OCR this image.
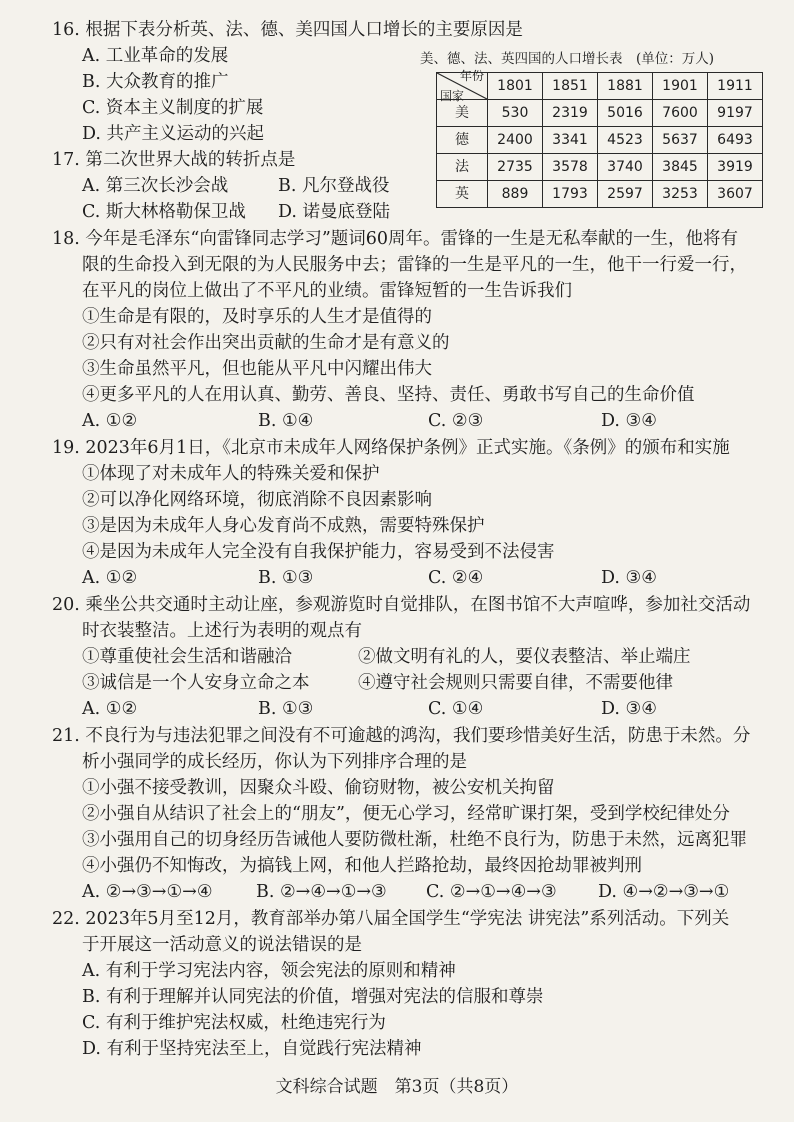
16. 根据下表分析英、法、德、美四国人口增长的主要原因是
A. 工业革命的发展
B. 大众教育的推广
C. 资本主义制度的扩展
D. 共产主义运动的兴起
美、德、法、英四国的人口增长表　(单位：万人)
年份
国家	1801	1851	1881	1901	1911
美	530	2319	5016	7600	9197
德	2400	3341	4523	5637	6493
法	2735	3578	3740	3845	3919
英	889	1793	2597	3253	3607
17. 第二次世界大战的转折点是
A. 第三次长沙会战	B. 凡尔登战役
C. 斯大林格勒保卫战 D. 诺曼底登陆
18. 今年是毛泽东“向雷锋同志学习”题词60周年。雷锋的一生是无私奉献的一生，他将有
限的生命投入到无限的为人民服务中去；雷锋的一生是平凡的一生，他干一行爱一行，
在平凡的岗位上做出了不平凡的业绩。雷锋短暂的一生告诉我们
①生命是有限的，及时享乐的人生才是值得的
②只有对社会作出突出贡献的生命才是有意义的
③生命虽然平凡，但也能从平凡中闪耀出伟大
④更多平凡的人在用认真、勤劳、善良、坚持、责任、勇敢书写自己的生命价值
A. ①②	B. ①④	C. ②③	D. ③④
19. 2023年6月1日，《北京市未成年人网络保护条例》正式实施。《条例》的颁布和实施
①体现了对未成年人的特殊关爱和保护
②可以净化网络环境，彻底消除不良因素影响
③是因为未成年人身心发育尚不成熟，需要特殊保护
④是因为未成年人完全没有自我保护能力，容易受到不法侵害
A. ①②	B. ①③	C. ②④	D. ③④
20. 乘坐公共交通时主动让座，参观游览时自觉排队，在图书馆不大声喧哗，参加社交活动
时衣装整洁。上述行为表明的观点有
①尊重使社会生活和谐融洽	②做文明有礼的人，要仪表整洁、举止端庄
③诚信是一个人安身立命之本	④遵守社会规则只需要自律，不需要他律
A. ①②	B. ①③	C. ①④	D. ③④
21. 不良行为与违法犯罪之间没有不可逾越的鸿沟，我们要珍惜美好生活，防患于未然。分
析小强同学的成长经历，你认为下列排序合理的是
①小强不接受教训，因聚众斗殴、偷窃财物，被公安机关拘留
②小强自从结识了社会上的“朋友”，便无心学习，经常旷课打架，受到学校纪律处分
③小强用自己的切身经历告诫他人要防微杜渐，杜绝不良行为，防患于未然，远离犯罪
④小强仍不知悔改，为搞钱上网，和他人拦路抢劫，最终因抢劫罪被判刑
A. ②→③→①→④ B. ②→④→①→③ C. ②→①→④→③ D. ④→②→③→①
22. 2023年5月至12月，教育部举办第八届全国学生“学宪法 讲宪法”系列活动。下列关
于开展这一活动意义的说法错误的是
A. 有利于学习宪法内容，领会宪法的原则和精神
B. 有利于理解并认同宪法的价值，增强对宪法的信服和尊崇
C. 有利于维护宪法权威，杜绝违宪行为
D. 有利于坚持宪法至上，自觉践行宪法精神
文科综合试题　第3页（共8页）
